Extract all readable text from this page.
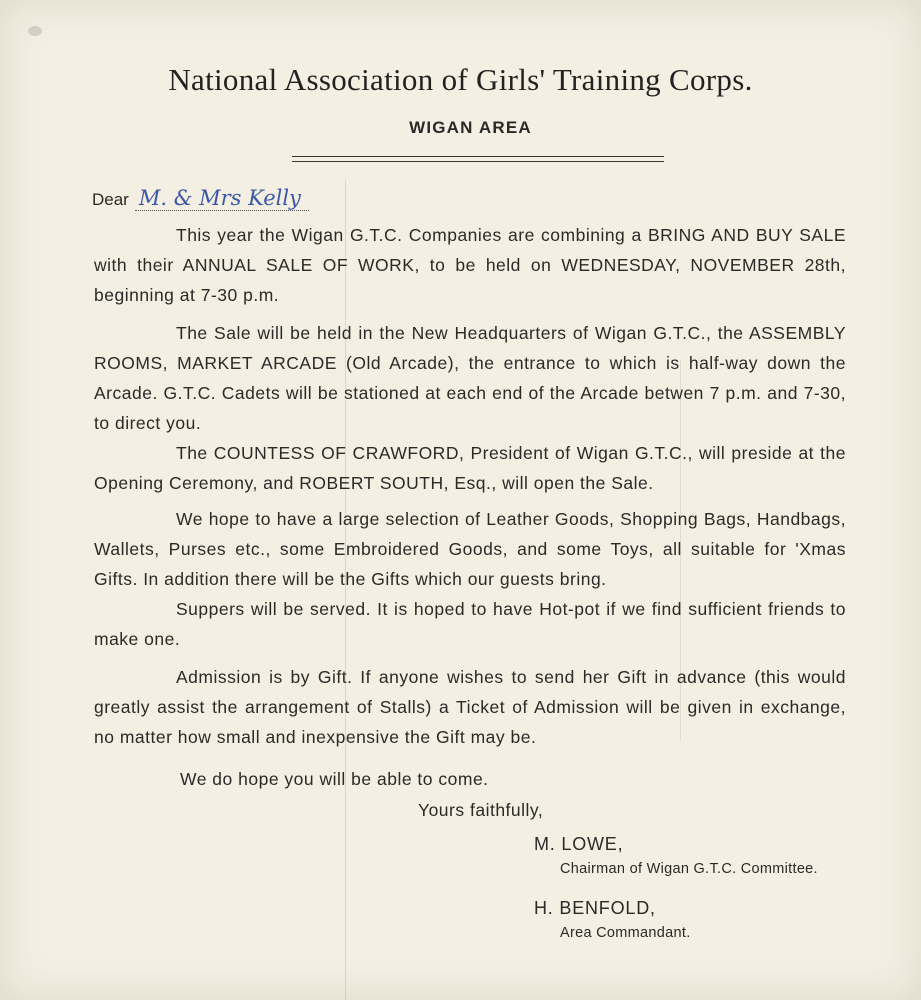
National Association of Girls' Training Corps.
WIGAN AREA
Dear M. & Mrs Kelly
This year the Wigan G.T.C. Companies are combining a BRING AND BUY SALE with their ANNUAL SALE OF WORK, to be held on WEDNESDAY, NOVEMBER 28th, beginning at 7-30 p.m.
The Sale will be held in the New Headquarters of Wigan G.T.C., the ASSEMBLY ROOMS, MARKET ARCADE (Old Arcade), the entrance to which is half-way down the Arcade. G.T.C. Cadets will be stationed at each end of the Arcade betwen 7 p.m. and 7-30, to direct you.
The COUNTESS OF CRAWFORD, President of Wigan G.T.C., will preside at the Opening Ceremony, and ROBERT SOUTH, Esq., will open the Sale.
We hope to have a large selection of Leather Goods, Shopping Bags, Handbags, Wallets, Purses etc., some Embroidered Goods, and some Toys, all suitable for 'Xmas Gifts. In addition there will be the Gifts which our guests bring.
Suppers will be served. It is hoped to have Hot-pot if we find sufficient friends to make one.
Admission is by Gift. If anyone wishes to send her Gift in advance (this would greatly assist the arrangement of Stalls) a Ticket of Admission will be given in exchange, no matter how small and inexpensive the Gift may be.
We do hope you will be able to come.
Yours faithfully,
M. LOWE,
Chairman of Wigan G.T.C. Committee.
H. BENFOLD,
Area Commandant.
